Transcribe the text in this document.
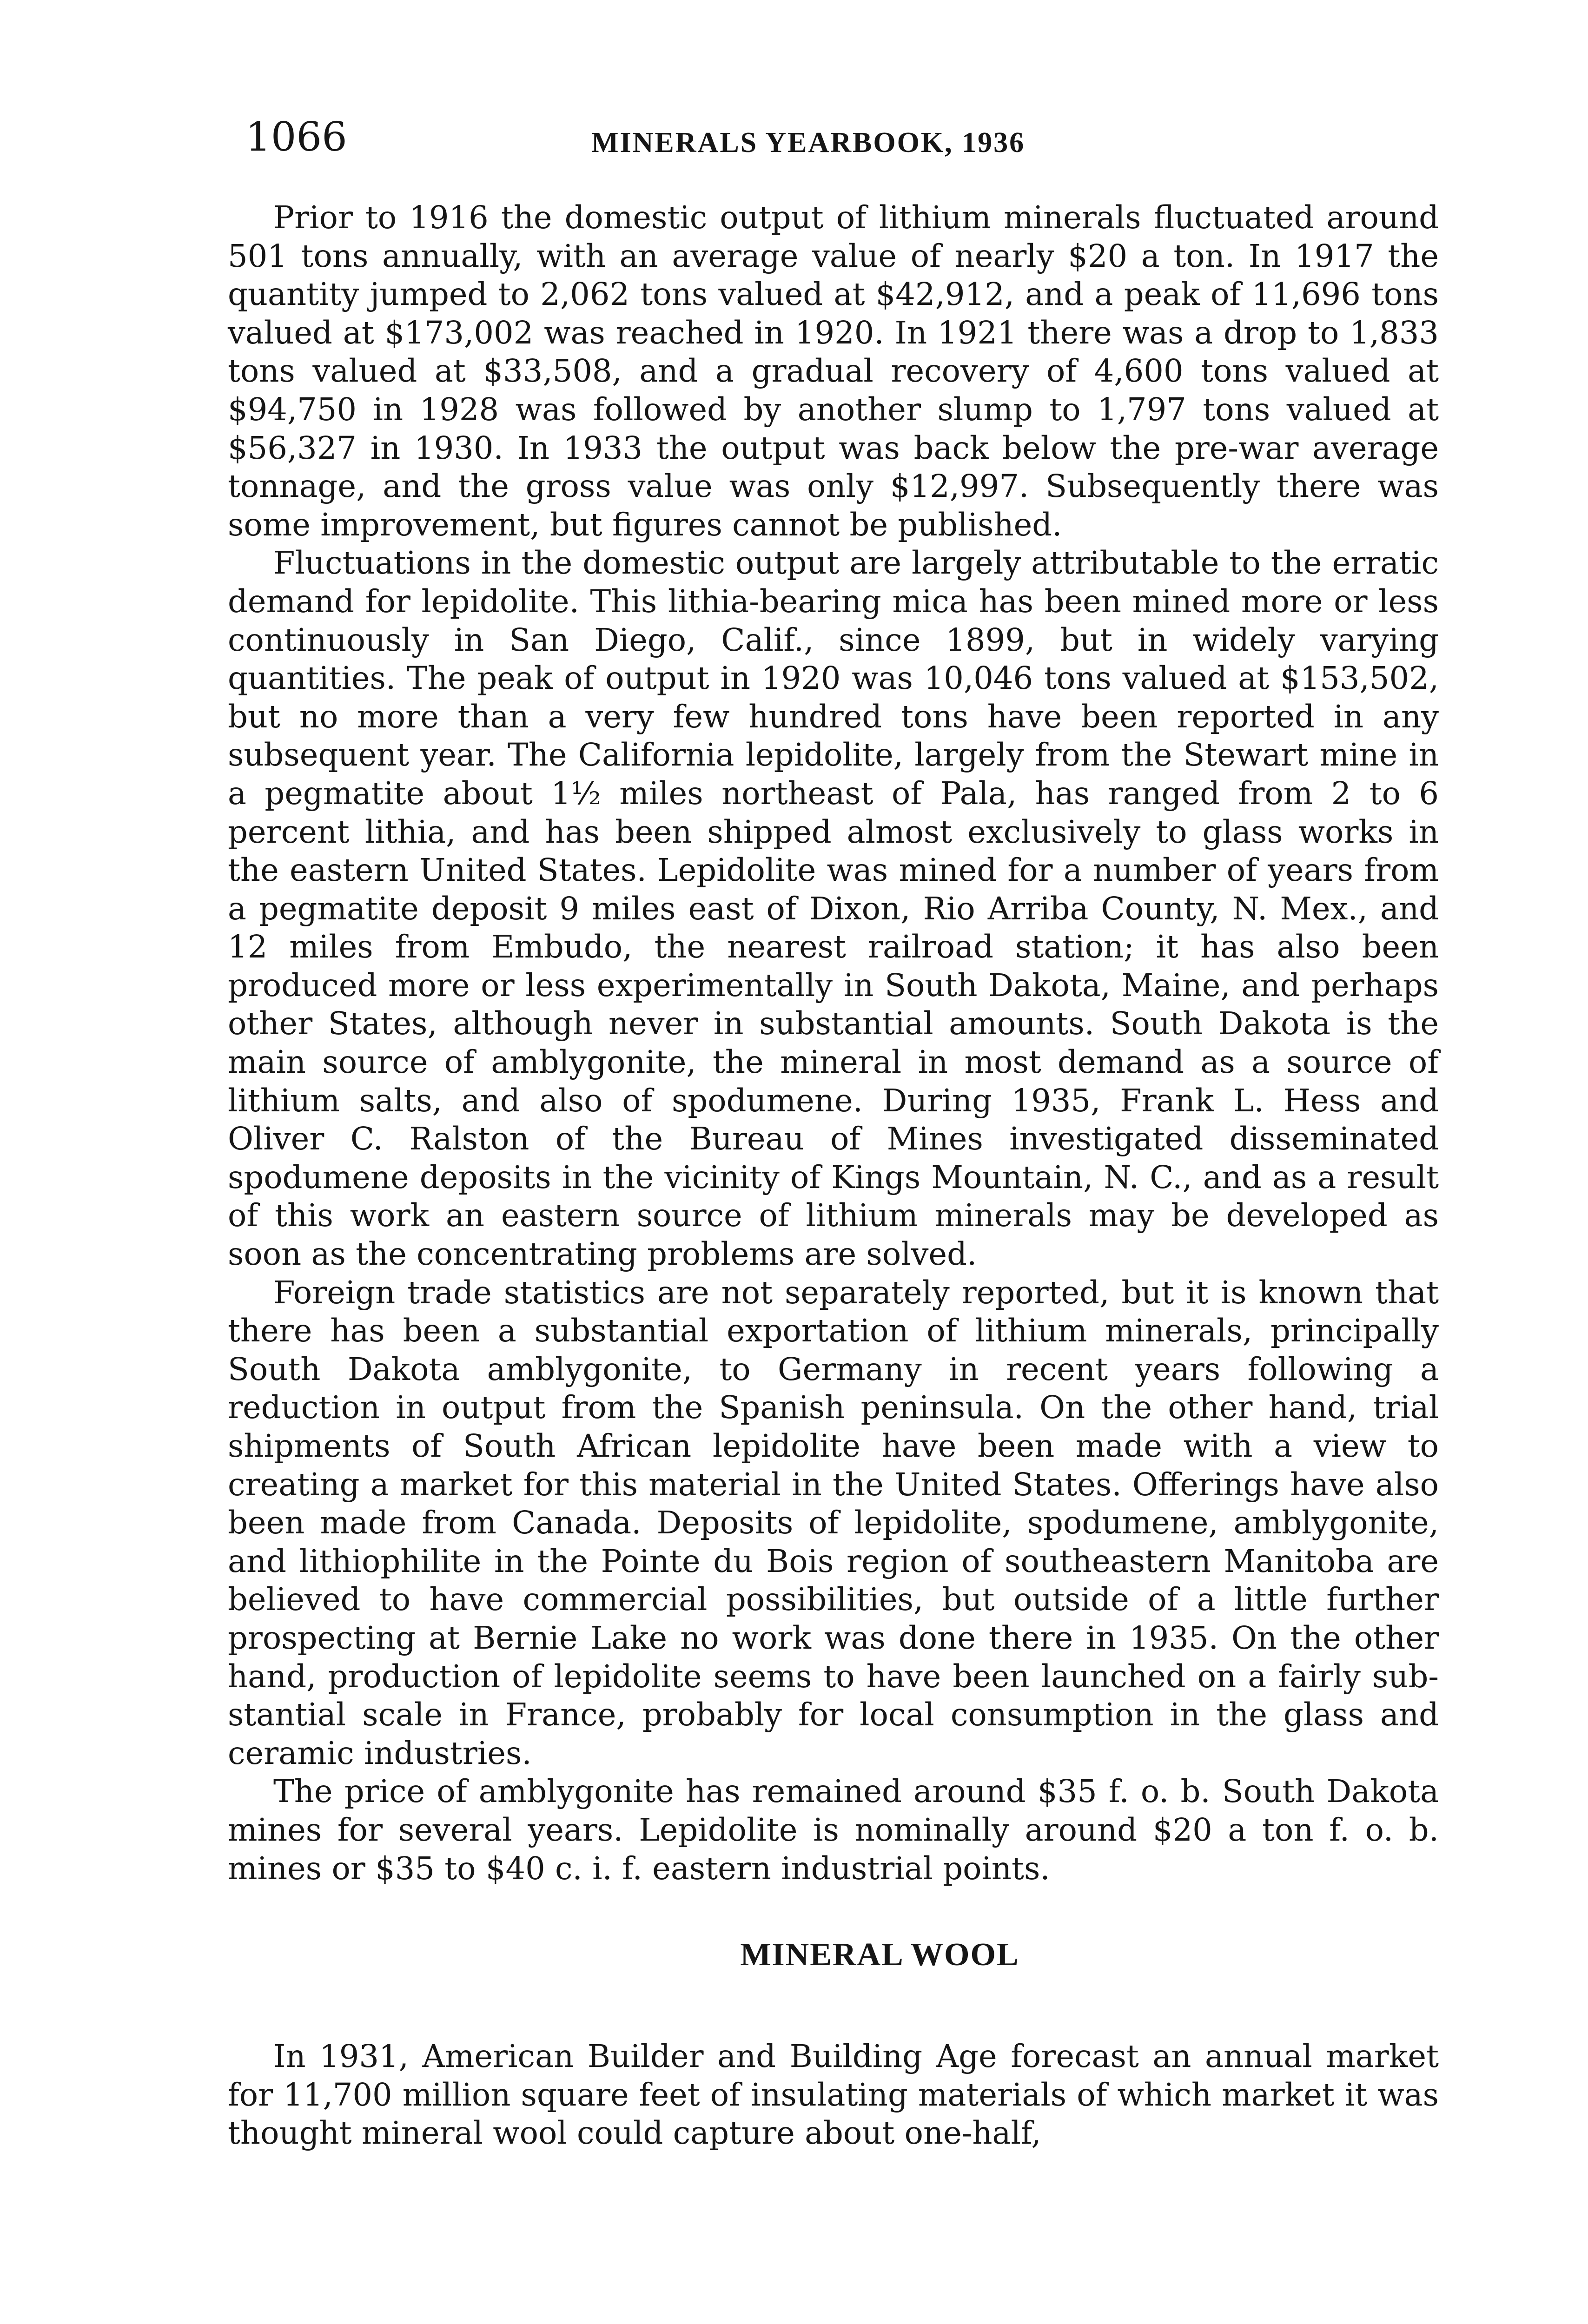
1066	MINERALS YEARBOOK, 1936

Prior to 1916 the domestic output of lithium minerals fluctuated around 501 tons annually, with an average value of nearly $20 a ton. In 1917 the quantity jumped to 2,062 tons valued at $42,912, and a peak of 11,696 tons valued at $173,002 was reached in 1920. In 1921 there was a drop to 1,833 tons valued at $33,508, and a gradual recovery of 4,600 tons valued at $94,750 in 1928 was followed by another slump to 1,797 tons valued at $56,327 in 1930. In 1933 the output was back below the pre-war average tonnage, and the gross value was only $12,997. Subsequently there was some improvement, but figures cannot be published.

Fluctuations in the domestic output are largely attributable to the erratic demand for lepidolite. This lithia-bearing mica has been mined more or less continuously in San Diego, Calif., since 1899, but in widely varying quantities. The peak of output in 1920 was 10,046 tons valued at $153,502, but no more than a very few hundred tons have been reported in any subsequent year. The California lepidolite, largely from the Stewart mine in a pegmatite about 1½ miles northeast of Pala, has ranged from 2 to 6 percent lithia, and has been shipped almost exclusively to glass works in the eastern United States. Lepidolite was mined for a number of years from a pegmatite deposit 9 miles east of Dixon, Rio Arriba County, N. Mex., and 12 miles from Embudo, the nearest railroad station; it has also been produced more or less experimentally in South Dakota, Maine, and perhaps other States, although never in substantial amounts. South Dakota is the main source of amblygonite, the mineral in most demand as a source of lithium salts, and also of spodumene. During 1935, Frank L. Hess and Oliver C. Ralston of the Bureau of Mines investigated disseminated spodumene deposits in the vicinity of Kings Mountain, N. C., and as a result of this work an eastern source of lithium minerals may be developed as soon as the concentrating problems are solved.

Foreign trade statistics are not separately reported, but it is known that there has been a substantial exportation of lithium minerals, principally South Dakota amblygonite, to Germany in recent years following a reduction in output from the Spanish peninsula. On the other hand, trial shipments of South African lepidolite have been made with a view to creating a market for this material in the United States. Offerings have also been made from Canada. Deposits of lepidolite, spodumene, amblygonite, and lithiophilite in the Pointe du Bois region of southeastern Manitoba are believed to have commercial possibilities, but outside of a little further prospecting at Bernie Lake no work was done there in 1935. On the other hand, production of lepidolite seems to have been launched on a fairly substantial scale in France, probably for local consumption in the glass and ceramic industries.

The price of amblygonite has remained around $35 f. o. b. South Dakota mines for several years. Lepidolite is nominally around $20 a ton f. o. b. mines or $35 to $40 c. i. f. eastern industrial points.

MINERAL WOOL

In 1931, American Builder and Building Age forecast an annual market for 11,700 million square feet of insulating materials of which market it was thought mineral wool could capture about one-half,
